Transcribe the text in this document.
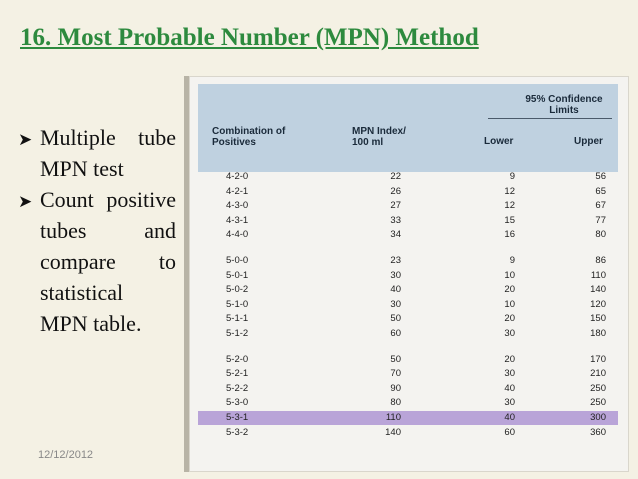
16. Most Probable Number (MPN) Method
➤ Multiple tube MPN test
➤ Count positive tubes and compare to statistical MPN table.
12/12/2012
95% Confidence Limits
Combination of Positives
MPN Index/ 100 ml	Lower	Upper
4-2-0	22	9	56
4-2-1	26	12	65
4-3-0	27	12	67
4-3-1	33	15	77
4-4-0	34	16	80
5-0-0	23	9	86
5-0-1	30	10	110
5-0-2	40	20	140
5-1-0	30	10	120
5-1-1	50	20	150
5-1-2	60	30	180
5-2-0	50	20	170
5-2-1	70	30	210
5-2-2	90	40	250
5-3-0	80	30	250
5-3-1	110	40	300
5-3-2	140	60	360
